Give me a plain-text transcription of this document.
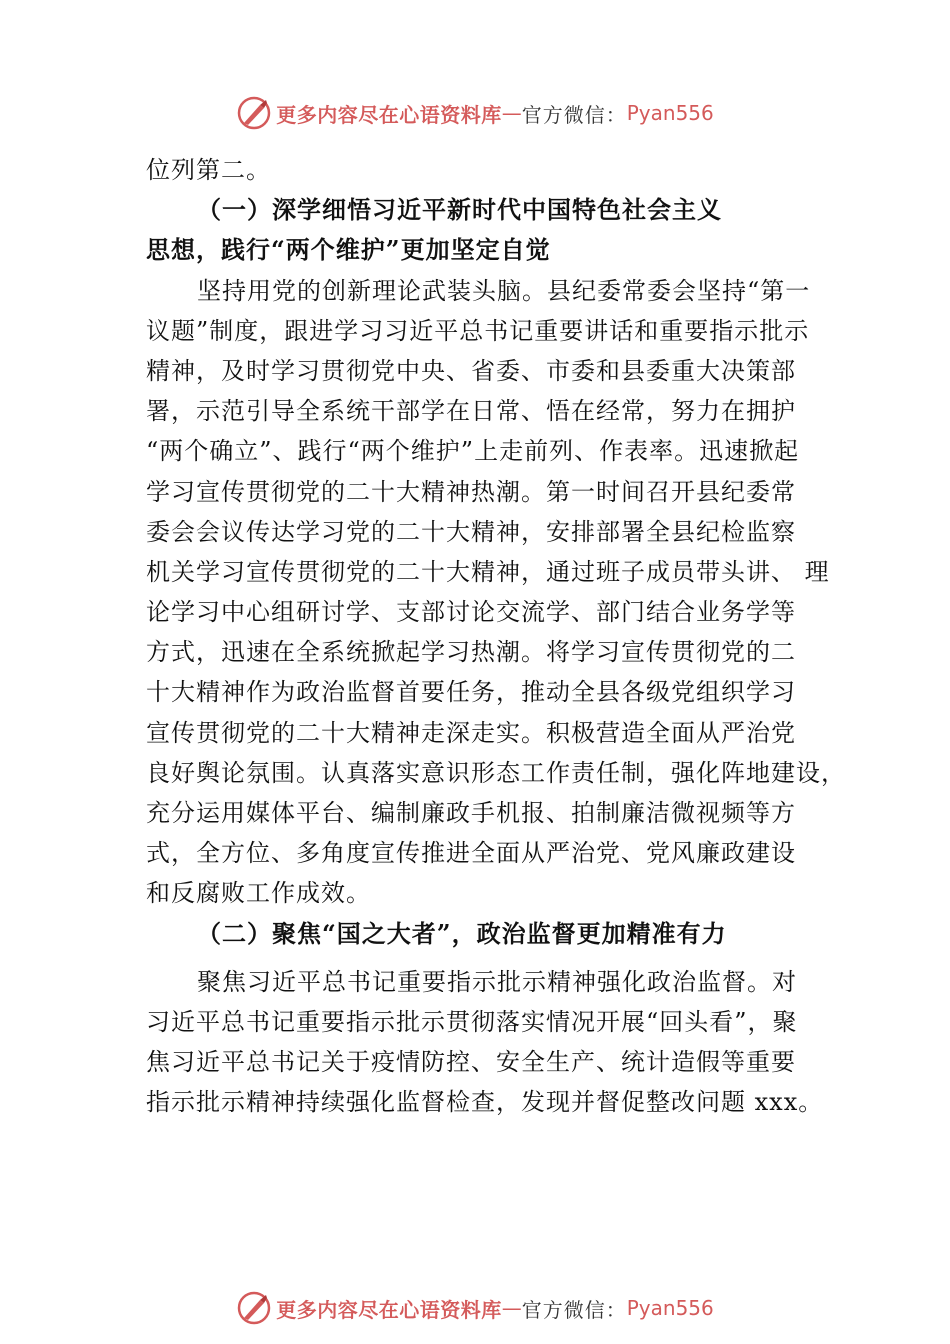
更多内容尽在心语资料库 — 官方微信： Pyan556
位列第二。
（一）深学细悟习近平新时代中国特色社会主义
思想，践行“两个维护”更加坚定自觉
坚持用党的创新理论武装头脑。县纪委常委会坚持“第一
议题”制度，跟进学习习近平总书记重要讲话和重要指示批示
精神，及时学习贯彻党中央、省委、市委和县委重大决策部
署，示范引导全系统干部学在日常、悟在经常，努力在拥护
“两个确立”、践行“两个维护”上走前列、作表率。迅速掀起
学习宣传贯彻党的二十大精神热潮。第一时间召开县纪委常
委会会议传达学习党的二十大精神，安排部署全县纪检监察
机关学习宣传贯彻党的二十大精神，通过班子成员带头讲、 理
论学习中心组研讨学、支部讨论交流学、部门结合业务学等
方式，迅速在全系统掀起学习热潮。将学习宣传贯彻党的二
十大精神作为政治监督首要任务，推动全县各级党组织学习
宣传贯彻党的二十大精神走深走实。积极营造全面从严治党
良好舆论氛围。认真落实意识形态工作责任制，强化阵地建设，
充分运用媒体平台、编制廉政手机报、拍制廉洁微视频等方
式，全方位、多角度宣传推进全面从严治党、党风廉政建设
和反腐败工作成效。
（二）聚焦“国之大者”，政治监督更加精准有力
聚焦习近平总书记重要指示批示精神强化政治监督。对
习近平总书记重要指示批示贯彻落实情况开展“回头看”，聚
焦习近平总书记关于疫情防控、安全生产、统计造假等重要
指示批示精神持续强化监督检查，发现并督促整改问题 xxx。
更多内容尽在心语资料库 — 官方微信： Pyan556
